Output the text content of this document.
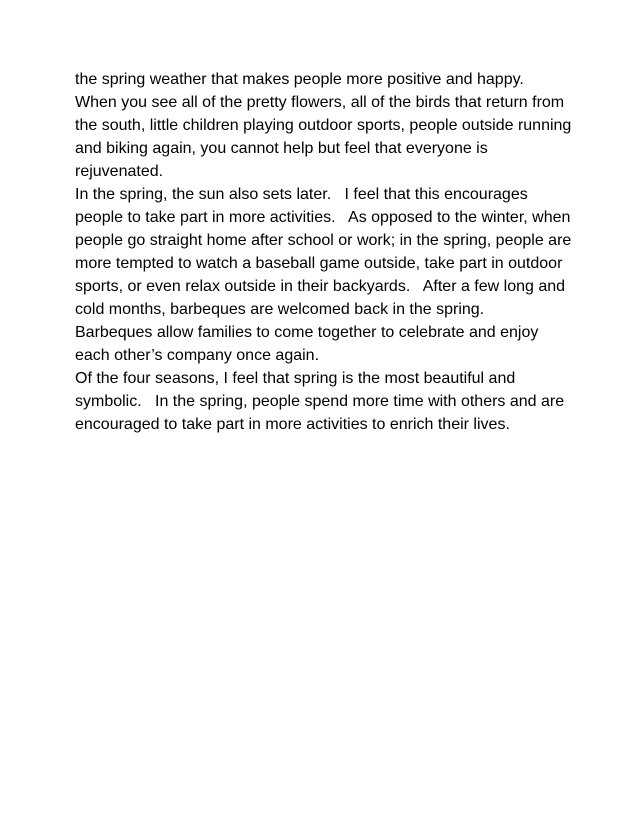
the spring weather that makes people more positive and happy.
When you see all of the pretty flowers, all of the birds that return from
the south, little children playing outdoor sports, people outside running
and biking again, you cannot help but feel that everyone is
rejuvenated.
In the spring, the sun also sets later.   I feel that this encourages
people to take part in more activities.   As opposed to the winter, when
people go straight home after school or work; in the spring, people are
more tempted to watch a baseball game outside, take part in outdoor
sports, or even relax outside in their backyards.   After a few long and
cold months, barbeques are welcomed back in the spring.
Barbeques allow families to come together to celebrate and enjoy
each other’s company once again.
Of the four seasons, I feel that spring is the most beautiful and
symbolic.   In the spring, people spend more time with others and are
encouraged to take part in more activities to enrich their lives.
